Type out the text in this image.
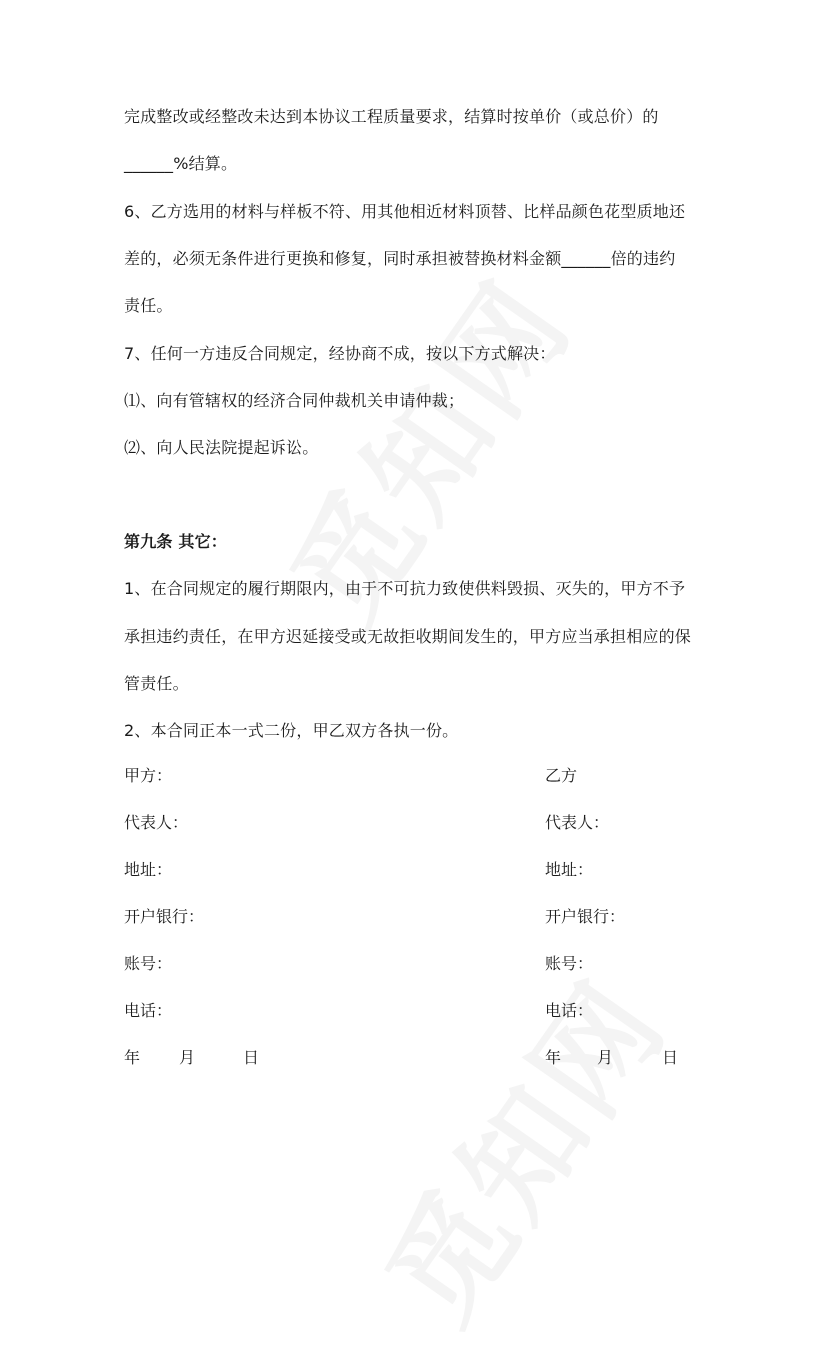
完成整改或经整改未达到本协议工程质量要求，结算时按单价（或总价）的
______%结算。
6、乙方选用的材料与样板不符、用其他相近材料顶替、比样品颜色花型质地还
差的，必须无条件进行更换和修复，同时承担被替换材料金额______倍的违约
责任。
7、任何一方违反合同规定，经协商不成，按以下方式解决：
⑴、向有管辖权的经济合同仲裁机关申请仲裁；
⑵、向人民法院提起诉讼。
第九条 其它：
1、在合同规定的履行期限内，由于不可抗力致使供料毁损、灭失的，甲方不予
承担违约责任，在甲方迟延接受或无故拒收期间发生的，甲方应当承担相应的保
管责任。
2、本合同正本一式二份，甲乙双方各执一份。
甲方：
代表人：
地址：
开户银行：
账号：
电话：
年 月	日
乙方
代表人：
地址：
开户银行：
账号：
电话：
年 月	日
